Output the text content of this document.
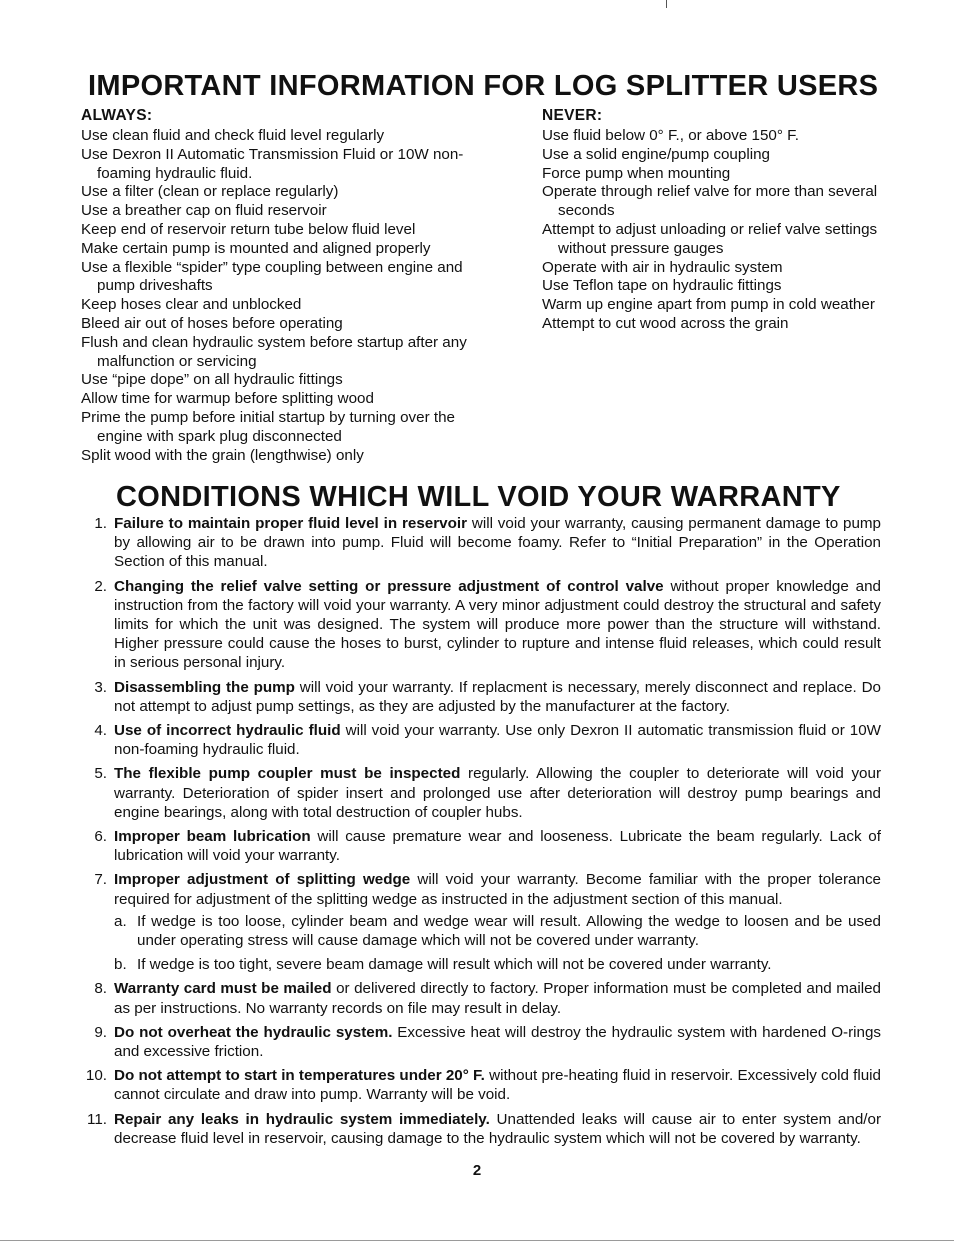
IMPORTANT INFORMATION FOR LOG SPLITTER USERS
ALWAYS:
Use clean fluid and check fluid level regularly
Use Dexron II Automatic Transmission Fluid or 10W non-foaming hydraulic fluid.
Use a filter (clean or replace regularly)
Use a breather cap on fluid reservoir
Keep end of reservoir return tube below fluid level
Make certain pump is mounted and aligned properly
Use a flexible “spider” type coupling between engine and pump driveshafts
Keep hoses clear and unblocked
Bleed air out of hoses before operating
Flush and clean hydraulic system before startup after any malfunction or servicing
Use “pipe dope” on all hydraulic fittings
Allow time for warmup before splitting wood
Prime the pump before initial startup by turning over the engine with spark plug disconnected
Split wood with the grain (lengthwise) only
NEVER:
Use fluid below 0° F., or above 150° F.
Use a solid engine/pump coupling
Force pump when mounting
Operate through relief valve for more than several seconds
Attempt to adjust unloading or relief valve settings without pressure gauges
Operate with air in hydraulic system
Use Teflon tape on hydraulic fittings
Warm up engine apart from pump in cold weather
Attempt to cut wood across the grain
CONDITIONS WHICH WILL VOID YOUR WARRANTY
1. Failure to maintain proper fluid level in reservoir will void your warranty, causing permanent damage to pump by allowing air to be drawn into pump. Fluid will become foamy. Refer to “Initial Preparation” in the Operation Section of this manual.
2. Changing the relief valve setting or pressure adjustment of control valve without proper knowledge and instruction from the factory will void your warranty. A very minor adjustment could destroy the structural and safety limits for which the unit was designed. The system will produce more power than the structure will withstand. Higher pressure could cause the hoses to burst, cylinder to rupture and intense fluid releases, which could result in serious personal injury.
3. Disassembling the pump will void your warranty. If replacment is necessary, merely disconnect and replace. Do not attempt to adjust pump settings, as they are adjusted by the manufacturer at the factory.
4. Use of incorrect hydraulic fluid will void your warranty. Use only Dexron II automatic transmission fluid or 10W non-foaming hydraulic fluid.
5. The flexible pump coupler must be inspected regularly. Allowing the coupler to deteriorate will void your warranty. Deterioration of spider insert and prolonged use after deterioration will destroy pump bearings and engine bearings, along with total destruction of coupler hubs.
6. Improper beam lubrication will cause premature wear and looseness. Lubricate the beam regularly. Lack of lubrication will void your warranty.
7. Improper adjustment of splitting wedge will void your warranty. Become familiar with the proper tolerance required for adjustment of the splitting wedge as instructed in the adjustment section of this manual.
a. If wedge is too loose, cylinder beam and wedge wear will result. Allowing the wedge to loosen and be used under operating stress will cause damage which will not be covered under warranty.
b. If wedge is too tight, severe beam damage will result which will not be covered under warranty.
8. Warranty card must be mailed or delivered directly to factory. Proper information must be completed and mailed as per instructions. No warranty records on file may result in delay.
9. Do not overheat the hydraulic system. Excessive heat will destroy the hydraulic system with hardened O-rings and excessive friction.
10. Do not attempt to start in temperatures under 20° F. without pre-heating fluid in reservoir. Excessively cold fluid cannot circulate and draw into pump. Warranty will be void.
11. Repair any leaks in hydraulic system immediately. Unattended leaks will cause air to enter system and/or decrease fluid level in reservoir, causing damage to the hydraulic system which will not be covered by warranty.
2
